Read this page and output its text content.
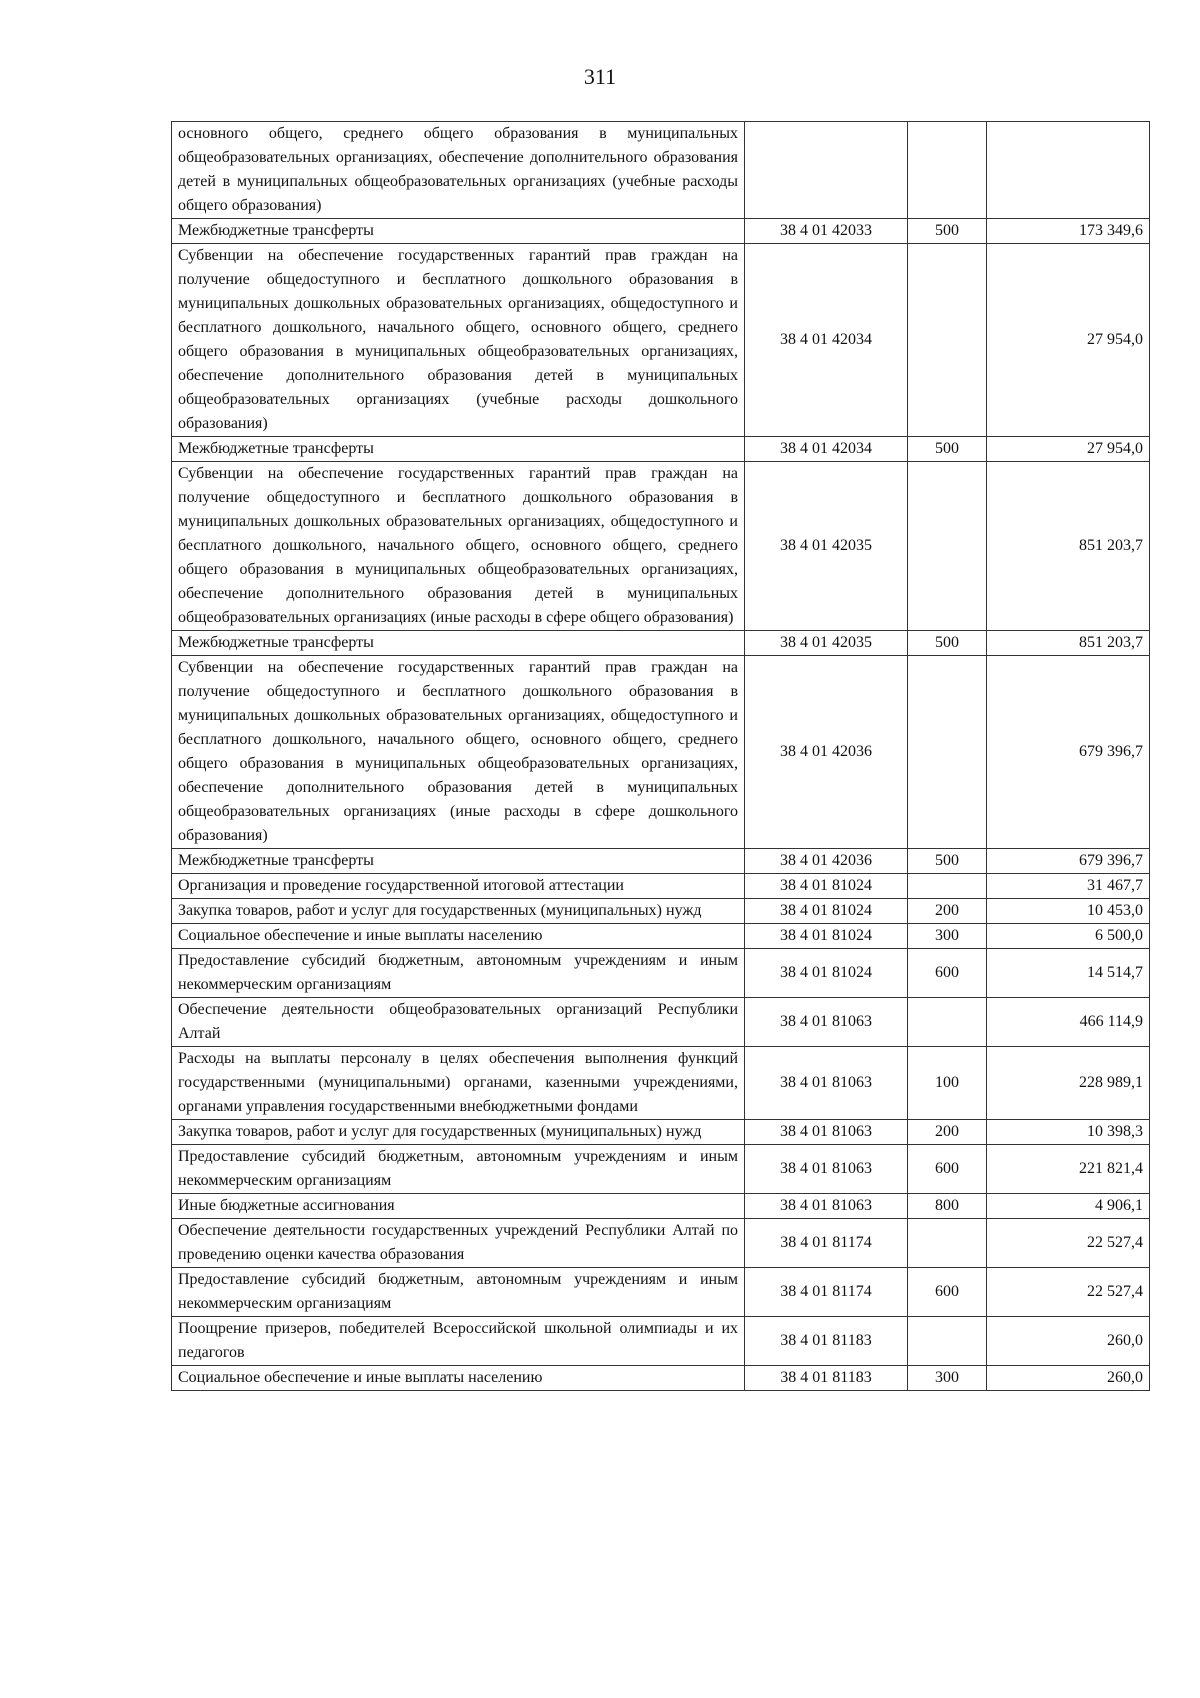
311
основного общего, среднего общего образования в муниципальных общеобразовательных организациях, обеспечение дополнительного образования детей в муниципальных общеобразовательных организациях (учебные расходы общего образования)			
Межбюджетные трансферты	38 4 01 42033	500	173 349,6
Субвенции на обеспечение государственных гарантий прав граждан на получение общедоступного и бесплатного дошкольного образования в муниципальных дошкольных образовательных организациях, общедоступного и бесплатного дошкольного, начального общего, основного общего, среднего общего образования в муниципальных общеобразовательных организациях, обеспечение дополнительного образования детей в муниципальных общеобразовательных организациях (учебные расходы дошкольного образования)	38 4 01 42034		27 954,0
Межбюджетные трансферты	38 4 01 42034	500	27 954,0
Субвенции на обеспечение государственных гарантий прав граждан на получение общедоступного и бесплатного дошкольного образования в муниципальных дошкольных образовательных организациях, общедоступного и бесплатного дошкольного, начального общего, основного общего, среднего общего образования в муниципальных общеобразовательных организациях, обеспечение дополнительного образования детей в муниципальных общеобразовательных организациях (иные расходы в сфере общего образования)	38 4 01 42035		851 203,7
Межбюджетные трансферты	38 4 01 42035	500	851 203,7
Субвенции на обеспечение государственных гарантий прав граждан на получение общедоступного и бесплатного дошкольного образования в муниципальных дошкольных образовательных организациях, общедоступного и бесплатного дошкольного, начального общего, основного общего, среднего общего образования в муниципальных общеобразовательных организациях, обеспечение дополнительного образования детей в муниципальных общеобразовательных организациях (иные расходы в сфере дошкольного образования)	38 4 01 42036		679 396,7
Межбюджетные трансферты	38 4 01 42036	500	679 396,7
Организация и проведение государственной итоговой аттестации	38 4 01 81024		31 467,7
Закупка товаров, работ и услуг для государственных (муниципальных) нужд	38 4 01 81024	200	10 453,0
Социальное обеспечение и иные выплаты населению	38 4 01 81024	300	6 500,0
Предоставление субсидий бюджетным, автономным учреждениям и иным некоммерческим организациям	38 4 01 81024	600	14 514,7
Обеспечение деятельности общеобразовательных организаций Республики Алтай	38 4 01 81063		466 114,9
Расходы на выплаты персоналу в целях обеспечения выполнения функций государственными (муниципальными) органами, казенными учреждениями, органами управления государственными внебюджетными фондами	38 4 01 81063	100	228 989,1
Закупка товаров, работ и услуг для государственных (муниципальных) нужд	38 4 01 81063	200	10 398,3
Предоставление субсидий бюджетным, автономным учреждениям и иным некоммерческим организациям	38 4 01 81063	600	221 821,4
Иные бюджетные ассигнования	38 4 01 81063	800	4 906,1
Обеспечение деятельности государственных учреждений Республики Алтай по проведению оценки качества образования	38 4 01 81174		22 527,4
Предоставление субсидий бюджетным, автономным учреждениям и иным некоммерческим организациям	38 4 01 81174	600	22 527,4
Поощрение призеров, победителей Всероссийской школьной олимпиады и их педагогов	38 4 01 81183		260,0
Социальное обеспечение и иные выплаты населению	38 4 01 81183	300	260,0
